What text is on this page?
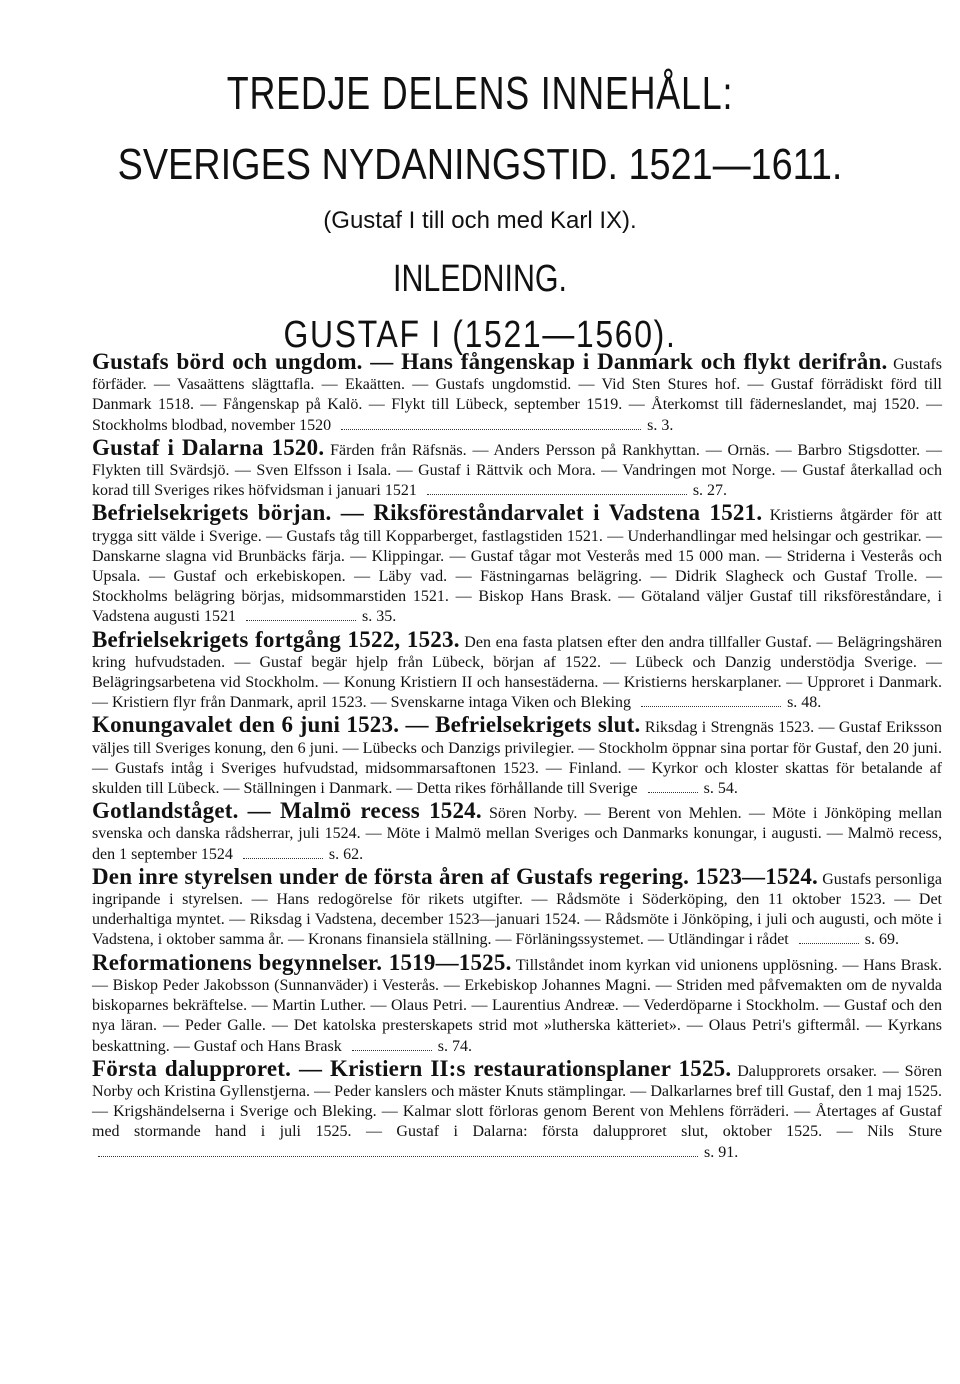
TREDJE DELENS INNEHÅLL:
SVERIGES NYDANINGSTID. 1521—1611.
(Gustaf I till och med Karl IX).
INLEDNING.
GUSTAF I (1521—1560).

Gustafs börd och ungdom. — Hans fångenskap i Danmark och flykt derifrån. Gustafs förfäder. — Vasaättens slägttafla. — Ekaätten. — Gustafs ungdomstid. — Vid Sten Stures hof. — Gustaf förrädiskt förd till Danmark 1518. — Fångenskap på Kalö. — Flykt till Lübeck, september 1519. — Återkomst till fäderneslandet, maj 1520. — Stockholms blodbad, november 1520	s. 3.

Gustaf i Dalarna 1520. Färden från Räfsnäs. — Anders Persson på Rankhyttan. — Ornäs. — Barbro Stigsdotter. — Flykten till Svärdsjö. — Sven Elfsson i Isala. — Gustaf i Rättvik och Mora. — Vandringen mot Norge. — Gustaf återkallad och korad till Sveriges rikes höfvidsman i januari 1521	s. 27.

Befrielsekrigets början. — Riksföreståndarvalet i Vadstena 1521. Kristierns åtgärder för att trygga sitt välde i Sverige. — Gustafs tåg till Kopparberget, fastlagstiden 1521. — Underhandlingar med helsingar och gestrikar. — Danskarne slagna vid Brunbäcks färja. — Klippingar. — Gustaf tågar mot Vesterås med 15 000 man. — Striderna i Vesterås och Upsala. — Gustaf och erkebiskopen. — Läby vad. — Fästningarnas belägring. — Didrik Slagheck och Gustaf Trolle. — Stockholms belägring börjas, midsommarstiden 1521. — Biskop Hans Brask. — Götaland väljer Gustaf till riksföreståndare, i Vadstena augusti 1521	s. 35.

Befrielsekrigets fortgång 1522, 1523. Den ena fasta platsen efter den andra tillfaller Gustaf. — Belägringshären kring hufvudstaden. — Gustaf begär hjelp från Lübeck, början af 1522. — Lübeck och Danzig understödja Sverige. — Belägringsarbetena vid Stockholm. — Konung Kristiern II och hansestäderna. — Kristierns herskarplaner. — Upproret i Danmark. — Kristiern flyr från Danmark, april 1523. — Svenskarne intaga Viken och Bleking	s. 48.

Konungavalet den 6 juni 1523. — Befrielsekrigets slut. Riksdag i Strengnäs 1523. — Gustaf Eriksson väljes till Sveriges konung, den 6 juni. — Lübecks och Danzigs privilegier. — Stockholm öppnar sina portar för Gustaf, den 20 juni. — Gustafs intåg i Sveriges hufvudstad, midsommarsaftonen 1523. — Finland. — Kyrkor och kloster skattas för betalande af skulden till Lübeck. — Ställningen i Danmark. — Detta rikes förhållande till Sverige	s. 54.

Gotlandståget. — Malmö recess 1524. Sören Norby. — Berent von Mehlen. — Möte i Jönköping mellan svenska och danska rådsherrar, juli 1524. — Möte i Malmö mellan Sveriges och Danmarks konungar, i augusti. — Malmö recess, den 1 september 1524	s. 62.

Den inre styrelsen under de första åren af Gustafs regering. 1523—1524. Gustafs personliga ingripande i styrelsen. — Hans redogörelse för rikets utgifter. — Rådsmöte i Söderköping, den 11 oktober 1523. — Det underhaltiga myntet. — Riksdag i Vadstena, december 1523—januari 1524. — Rådsmöte i Jönköping, i juli och augusti, och möte i Vadstena, i oktober samma år. — Kronans finansiela ställning. — Förläningssystemet. — Utländingar i rådet	s. 69.

Reformationens begynnelser. 1519—1525. Tillståndet inom kyrkan vid unionens upplösning. — Hans Brask. — Biskop Peder Jakobsson (Sunnanväder) i Vesterås. — Erkebiskop Johannes Magni. — Striden med påfvemakten om de nyvalda biskoparnes bekräftelse. — Martin Luther. — Olaus Petri. — Laurentius Andreæ. — Vederdöparne i Stockholm. — Gustaf och den nya läran. — Peder Galle. — Det katolska presterskapets strid mot »lutherska kätteriet». — Olaus Petri's giftermål. — Kyrkans beskattning. — Gustaf och Hans Brask	s. 74.

Första dalupproret. — Kristiern II:s restaurationsplaner 1525. Dalupprorets orsaker. — Sören Norby och Kristina Gyllenstjerna. — Peder kanslers och mäster Knuts stämplingar. — Dalkarlarnes bref till Gustaf, den 1 maj 1525. — Krigshändelserna i Sverige och Bleking. — Kalmar slott förloras genom Berent von Mehlens förräderi. — Återtages af Gustaf med stormande hand i juli 1525. — Gustaf i Dalarna: första dalupproret slut, oktober 1525. — Nils Sture s. 91.
